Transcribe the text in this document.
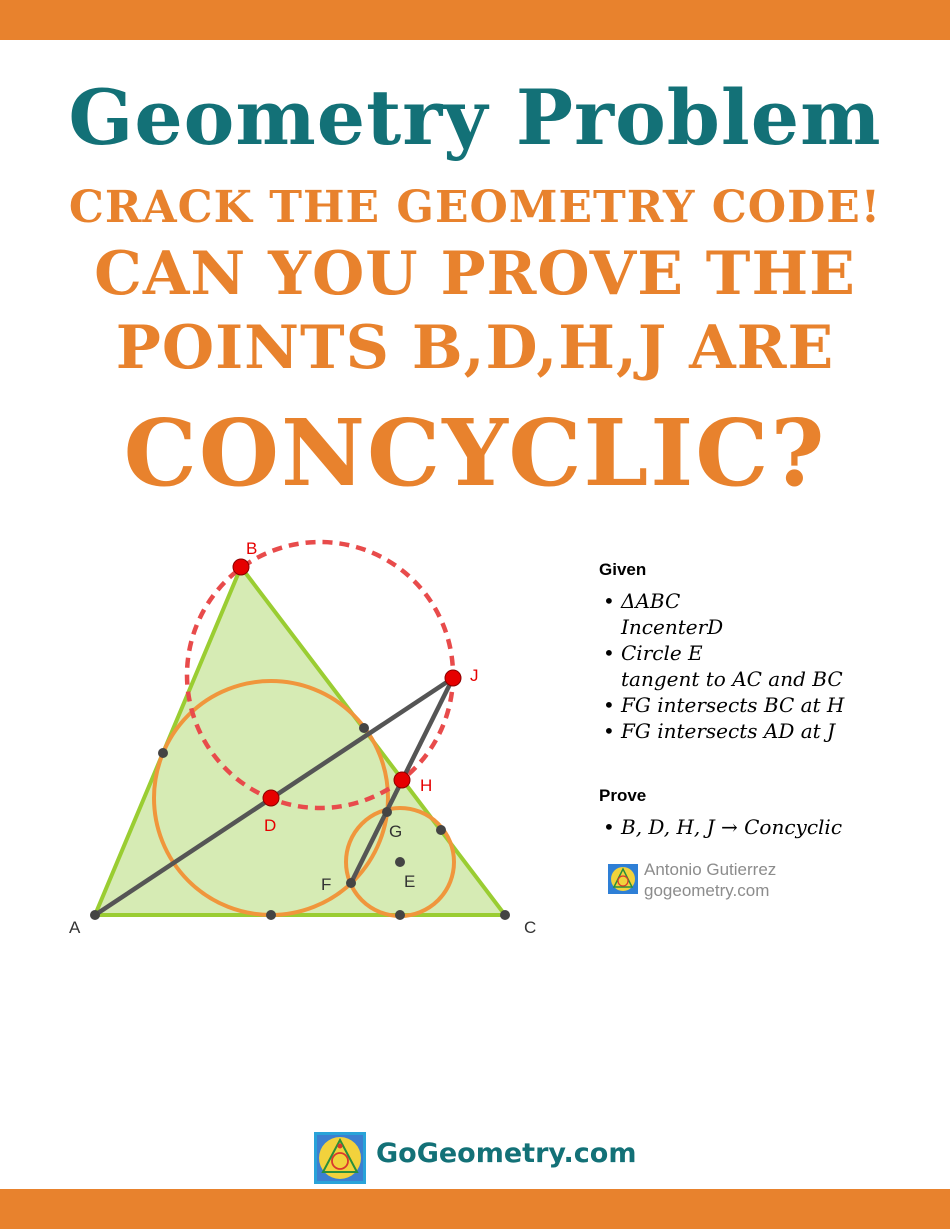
Geometry Problem
CRACK THE GEOMETRY CODE!
CAN YOU PROVE THE
POINTS B,D,H,J ARE
CONCYCLIC?
B
D
H
J
A	C
E
F
G
Given
• ΔABC
IncenterD
• Circle E
tangent to AC and BC
• FG intersects BC at H
• FG intersects AD at J
Prove
• B, D, H, J → Concyclic
Antonio Gutierrez
gogeometry.com
GoGeometry.com
